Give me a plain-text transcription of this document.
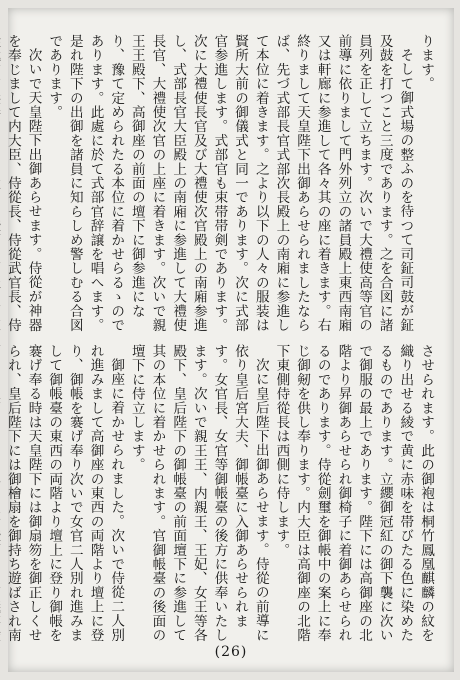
ります。

そして御式場の整ふのを待つて司鉦司鼓が鉦及鼓を打つこと三度であります。之を合図に諸員列を正して立ちます。次いで大禮使高等官の前導に依りまして門外列立の諸員殿上東西南廂又は軒廊に参進して各々其の座に着きます。右終りまして天皇陛下出御あらせられましたならば、先づ式部長官式部次長殿上の南廂に参進して本位に着きます。之より以下の人々の服装は賢所大前の御儀式と同一であります。次に式部官参進します。式部官も束帯帯剣であります。次に大禮使長官及び大禮使次官殿上の南廂参進し、式部長官大臣殿上の南廂に参進して大禮使長官、大禮使次官の上座に着きます。次いで親王王殿下、高御座の前面の壇下に御参進になり、豫て定められたる本位に着かせらるゝのであります。此處に於て式部官辞譲を唱へます。是れ陛下の出御を諸員に知らしめ警しむる合図であります。

次いで天皇陛下出御あらせます。侍從が神器を奉じまして内大臣、侍從長、侍從武官長、侍

させられます。此の御袍は桐竹鳳凰麒麟の紋を織り出せる綾で黄に赤味を帯びたる色に染めたるものであります。立纓御冠紅の御下襲に次いで御服の最上であります。陛下には高御座の北階より昇御あらせられ御椅子に着御あらせられるのであります。侍從劍璽を御帳中の案上に奉じ御剱を供し奉ります。内大臣は高御座の北階下東側侍從長は西側に侍します。

次に皇后陛下出御あらせます。侍從の前導に依り皇后宮大夫、御帳臺に入御あらせられます。女官長、女官等御帳臺の後方に供奉いたします。次いで親王王、内親王、王妃、女王等各殿下、皇后陛下の御帳臺の前面壇下に参進して其の本位に着かせられます。官御帳臺の後面の壇下に侍立します。

御座に着かせられました。次いで侍從二人別れ進みまして高御座の東西の両階より壇上に登り、御帳を褰げ奉り次いで女官二人別れ進みまして御帳臺の東西の両階より壇上に登り御帳を褰げ奉る時は天皇陛下には御扇笏を御正しくせられ、皇后陛下には御檜扇を御持ち遊ばされ南

(26)
